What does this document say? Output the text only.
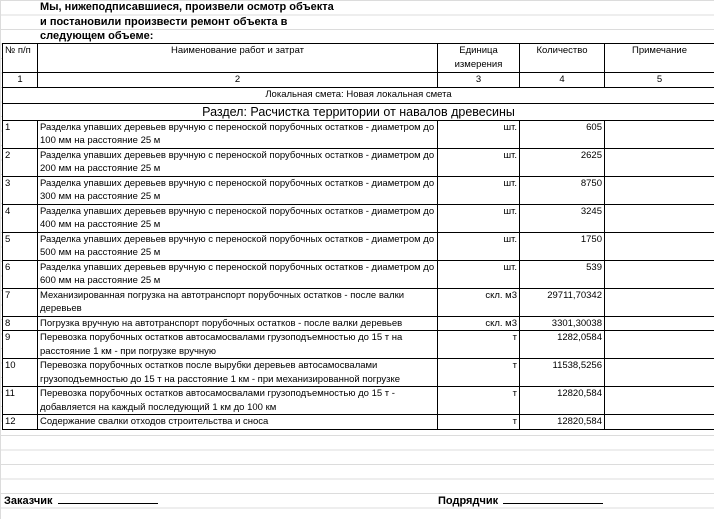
Мы, нижеподписавшиеся, произвели осмотр объекта
и постановили произвести ремонт объекта в
следующем объеме:
№ п/п	Наименование работ и затрат	Единица измерения	Количество	Примечание
1	2	3	4	5
Локальная смета: Новая локальная смета				
Раздел: Расчистка территории от навалов древесины				
1	Разделка упавших деревьев вручную с переноской порубочных остатков - диаметром до 100 мм на расстояние 25 м	шт.	605	
2	Разделка упавших деревьев вручную с переноской порубочных остатков - диаметром до 200 мм на расстояние 25 м	шт.	2625	
3	Разделка упавших деревьев вручную с переноской порубочных остатков - диаметром до 300 мм на расстояние 25 м	шт.	8750	
4	Разделка упавших деревьев вручную с переноской порубочных остатков - диаметром до 400 мм на расстояние 25 м	шт.	3245	
5	Разделка упавших деревьев вручную с переноской порубочных остатков - диаметром до 500 мм на расстояние 25 м	шт.	1750	
6	Разделка упавших деревьев вручную с переноской порубочных остатков - диаметром до 600 мм на расстояние 25 м	шт.	539	
7	Механизированная погрузка на автотранспорт порубочных остатков - после валки деревьев	скл. м3	29711,70342	
8	Погрузка вручную на автотранспорт порубочных остатков - после валки деревьев	скл. м3	3301,30038	
9	Перевозка порубочных остатков автосамосвалами грузоподъемностью до 15 т на расстояние 1 км - при погрузке вручную	т	1282,0584	
10	Перевозка порубочных остатков после вырубки деревьев автосамосвалами грузоподъемностью до 15 т на расстояние 1 км - при механизированной погрузке	т	11538,5256	
11	Перевозка порубочных остатков автосамосвалами грузоподъемностью до 15 т - добавляется на каждый последующий 1 км до 100 км	т	12820,584	
12	Содержание свалки отходов строительства и сноса	т	12820,584	
Заказчик	Подрядчик
